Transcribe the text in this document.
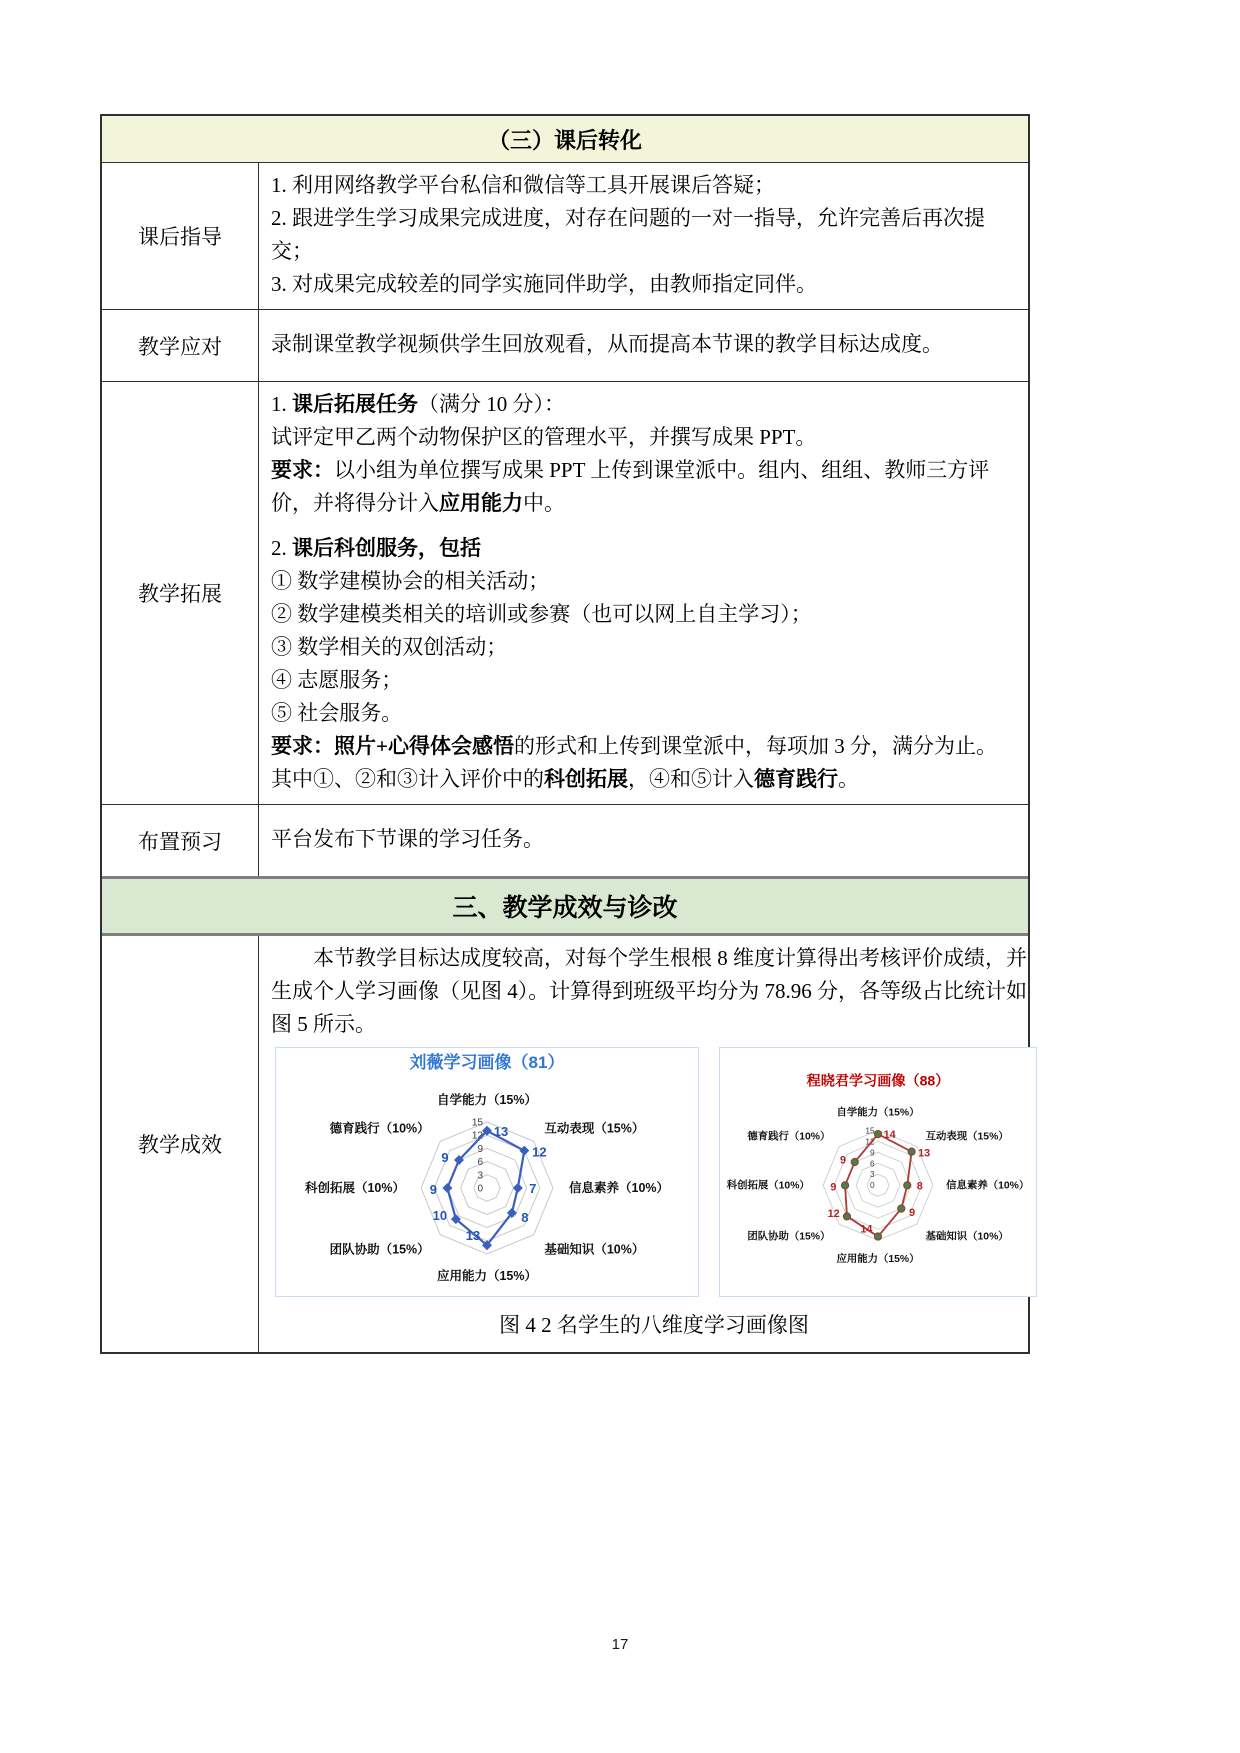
（三）课后转化
课后指导

1. 利用网络教学平台私信和微信等工具开展课后答疑；

2. 跟进学生学习成果完成进度，对存在问题的一对一指导，允许完善后再次提交；

3. 对成果完成较差的同学实施同伴助学，由教师指定同伴。

教学应对	录制课堂教学视频供学生回放观看，从而提高本节课的教学目标达成度。

教学拓展

1. 课后拓展任务（满分 10 分）：

试评定甲乙两个动物保护区的管理水平，并撰写成果 PPT。

要求：以小组为单位撰写成果 PPT 上传到课堂派中。组内、组组、教师三方评价，并将得分计入应用能力中。

2. 课后科创服务，包括

① 数学建模协会的相关活动；

② 数学建模类相关的培训或参赛（也可以网上自主学习）；

③ 数学相关的双创活动；

④ 志愿服务；

⑤ 社会服务。

要求：照片+心得体会感悟的形式和上传到课堂派中，每项加 3 分，满分为止。其中①、②和③计入评价中的科创拓展，④和⑤计入德育践行。

布置预习	平台发布下节课的学习任务。

三、教学成效与诊改
教学成效

本节教学目标达成度较高，对每个学生根根 8 维度计算得出考核评价成绩，并生成个人学习画像（见图 4）。计算得到班级平均分为 78.96 分，各等级占比统计如图 5 所示。

0
3
6
9
12
15
刘薇学习画像（81）
13
12
7
8
13
10
9
9
自学能力（15%）
互动表现（15%）
信息素养（10%）
基础知识（10%）
应用能力（15%）
团队协助（15%）
科创拓展（10%）
德育践行（10%）
0
3
6
9
12
15
程晓君学习画像（88）
14
13
8
9
14
12
9
9
自学能力（15%）
互动表现（15%）
信息素养（10%）
基础知识（10%）
应用能力（15%）
团队协助（15%）
科创拓展（10%）
德育践行（10%）
图 4 2 名学生的八维度学习画像图
17
